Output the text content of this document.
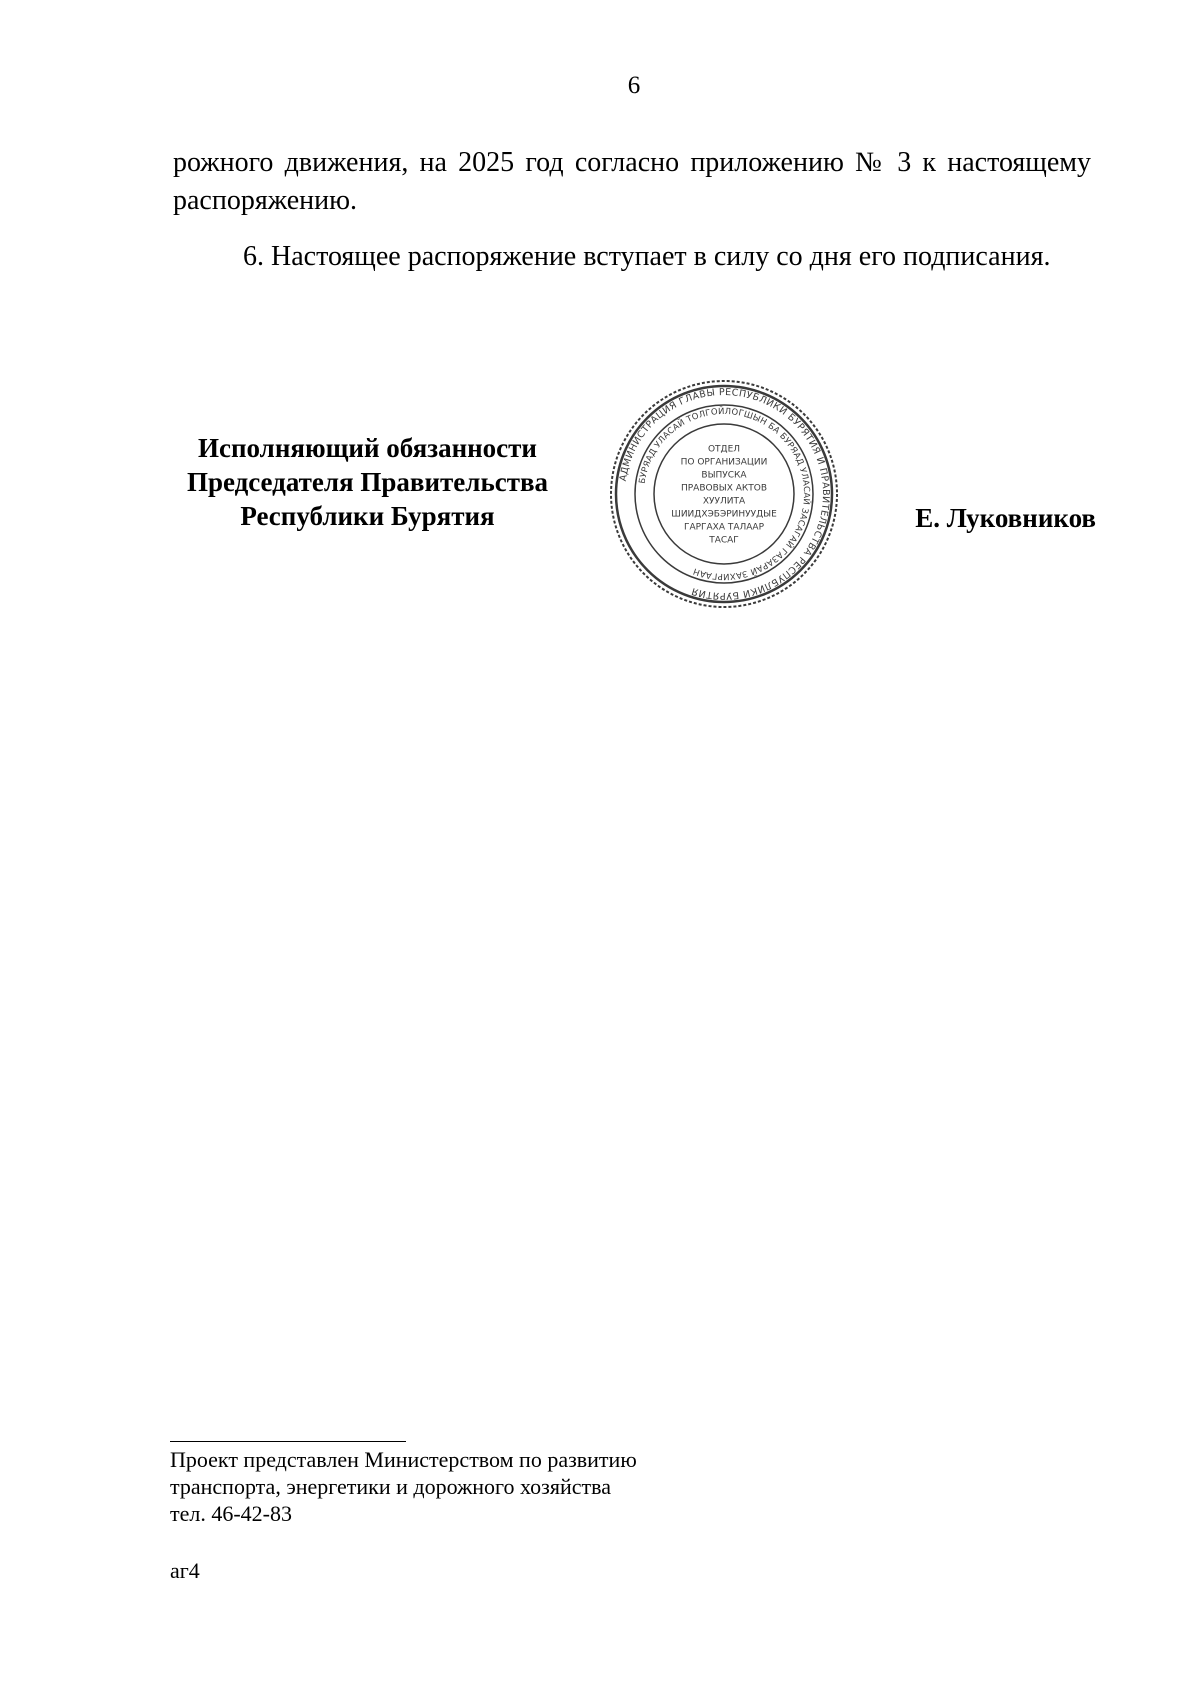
6

рожного движения, на 2025 год согласно приложению № 3 к настоящему распоряжению.

6. Настоящее распоряжение вступает в силу со дня его подписания.

Исполняющий обязанности
Председателя Правительства
Республики Бурятия
АДМИНИСТРАЦИЯ ГЛАВЫ РЕСПУБЛИКИ БУРЯТИЯ И ПРАВИТЕЛЬСТВА РЕСПУБЛИКИ БУРЯТИЯ
БУРЯАД УЛАСАЙ ТОЛГОЙЛОГШЫН БА БУРЯАД УЛАСАЙ ЗАСАГАЙ ГАЗАРАЙ ЗАХИРГААН
ОТДЕЛ
ПО ОРГАНИЗАЦИИ
ВЫПУСКА
ПРАВОВЫХ АКТОВ
ХУУЛИТА
ШИИДХЭБЭРИНУУДЫЕ
ГАРГАХА ТАЛААР
ТАСАГ
Е. Луковников
Проект представлен Министерством по развитию
транспорта, энергетики и дорожного хозяйства
тел. 46-42-83
аг4
